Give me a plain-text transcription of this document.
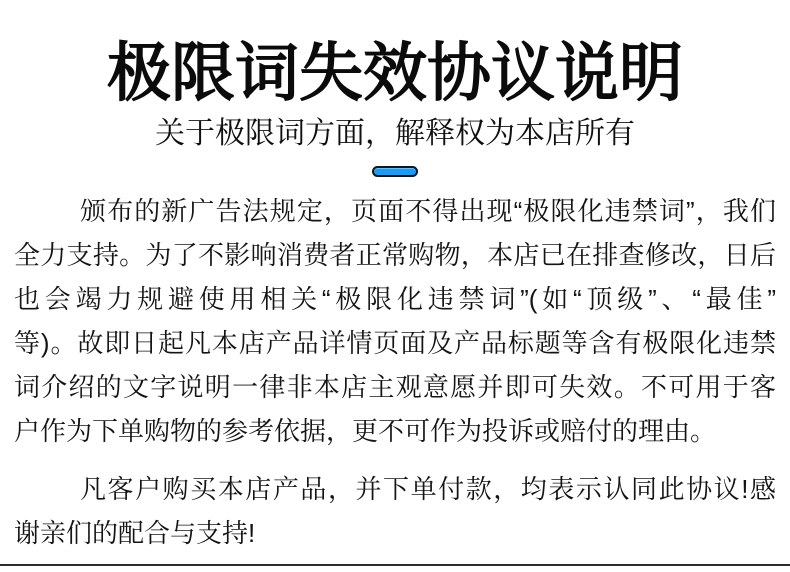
极限词失效协议说明
关于极限词方面，解释权为本店所有
颁布的新广告法规定，页面不得出现“极限化违禁词”，我们
全力支持。为了不影响消费者正常购物，本店已在排查修改，日后
也会竭力规避使用相关“极限化违禁词”(如“顶级”、“最佳”
等)。故即日起凡本店产品详情页面及产品标题等含有极限化违禁
词介绍的文字说明一律非本店主观意愿并即可失效。不可用于客
户作为下单购物的参考依据，更不可作为投诉或赔付的理由。
凡客户购买本店产品，并下单付款，均表示认同此协议!感
谢亲们的配合与支持!
